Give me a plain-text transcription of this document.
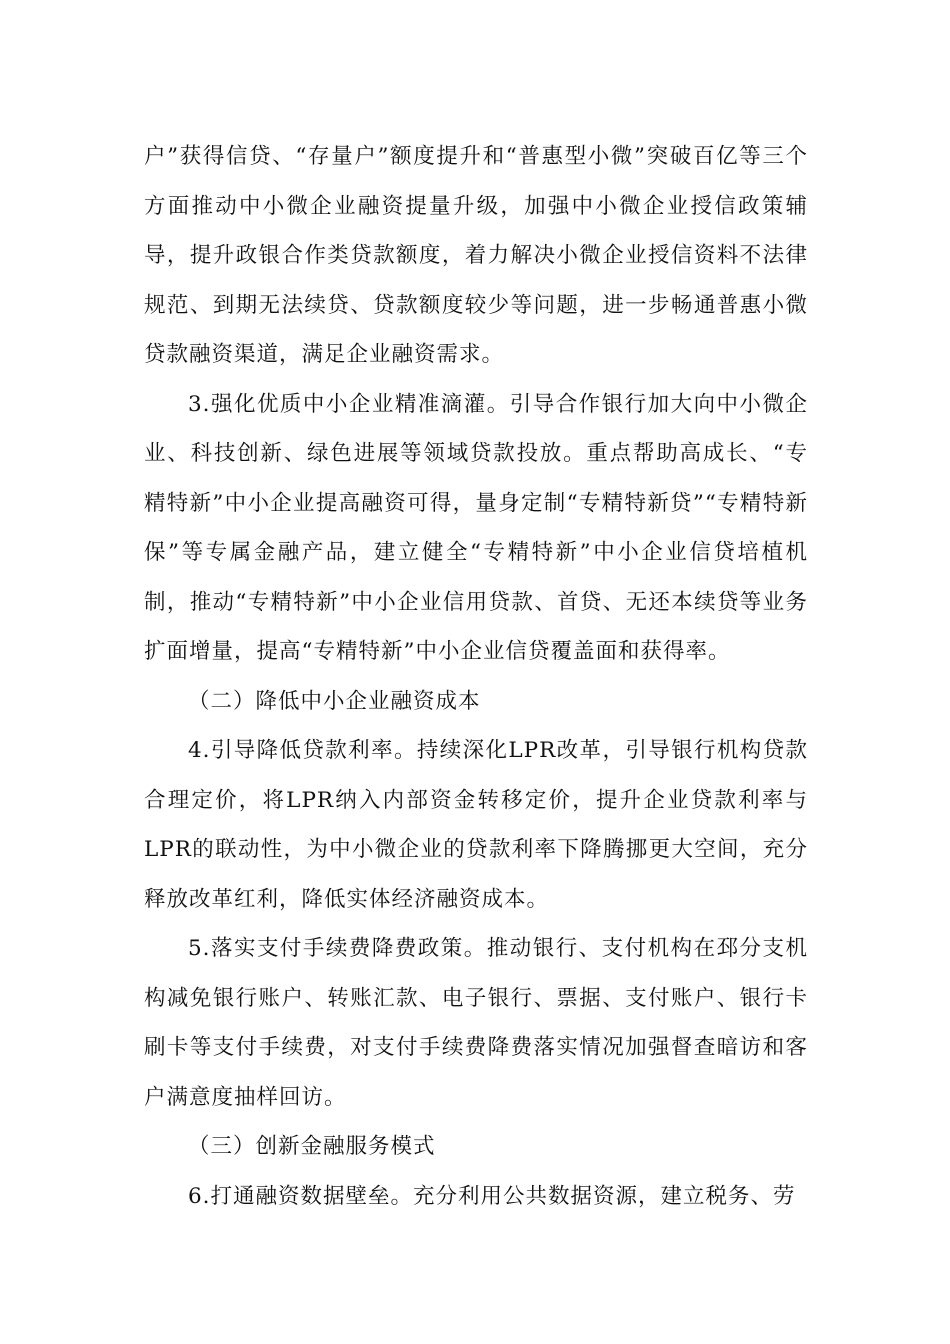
户”获得信贷、“存量户”额度提升和“普惠型小微”突破百亿等三个方面推动中小微企业融资提量升级，加强中小微企业授信政策辅导，提升政银合作类贷款额度，着力解决小微企业授信资料不法律规范、到期无法续贷、贷款额度较少等问题，进一步畅通普惠小微贷款融资渠道，满足企业融资需求。

3.强化优质中小企业精准滴灌。引导合作银行加大向中小微企业、科技创新、绿色进展等领域贷款投放。重点帮助高成长、“专精特新”中小企业提高融资可得，量身定制“专精特新贷”“专精特新保”等专属金融产品，建立健全“专精特新”中小企业信贷培植机制，推动“专精特新”中小企业信用贷款、首贷、无还本续贷等业务扩面增量，提高“专精特新”中小企业信贷覆盖面和获得率。

（二）降低中小企业融资成本

4.引导降低贷款利率。持续深化LPR改革，引导银行机构贷款合理定价，将LPR纳入内部资金转移定价，提升企业贷款利率与LPR的联动性，为中小微企业的贷款利率下降腾挪更大空间，充分释放改革红利，降低实体经济融资成本。

5.落实支付手续费降费政策。推动银行、支付机构在邳分支机构减免银行账户、转账汇款、电子银行、票据、支付账户、银行卡刷卡等支付手续费，对支付手续费降费落实情况加强督查暗访和客户满意度抽样回访。

（三）创新金融服务模式

6.打通融资数据壁垒。充分利用公共数据资源，建立税务、劳
